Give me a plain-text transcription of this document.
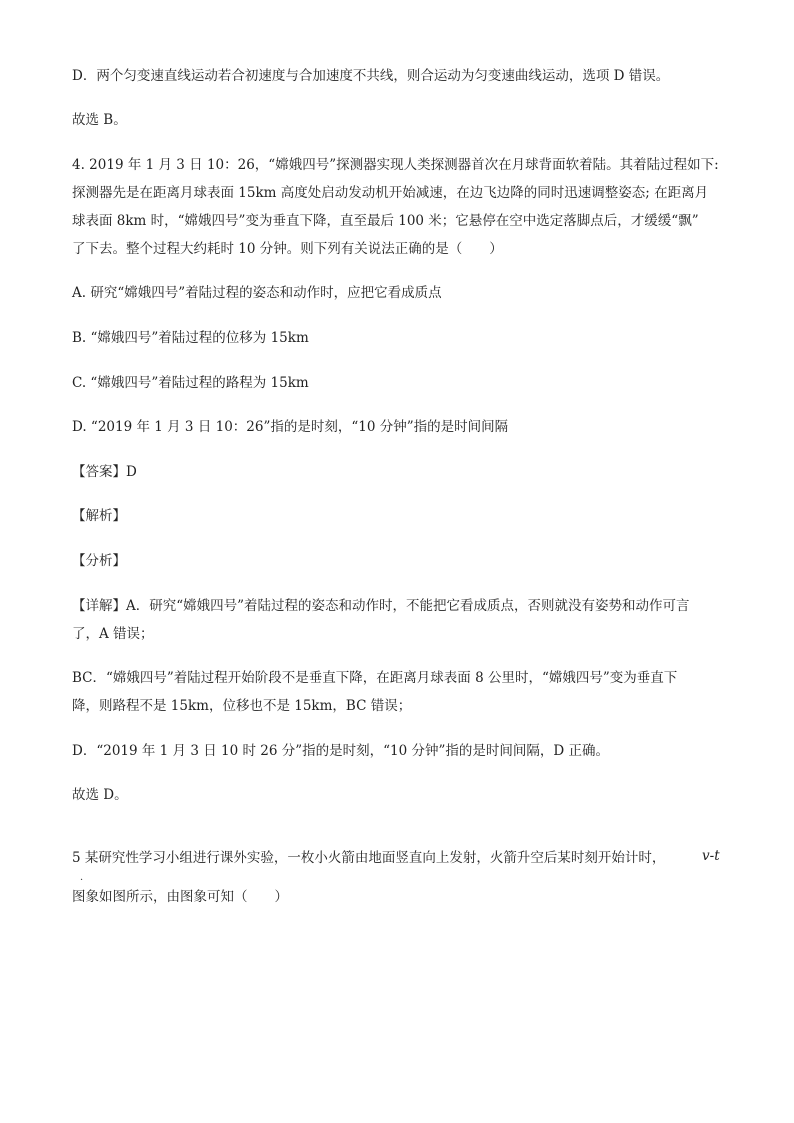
D．两个匀变速直线运动若合初速度与合加速度不共线，则合运动为匀变速曲线运动，选项 D 错误。
故选 B。
4. 2019 年 1 月 3 日 10：26，“嫦娥四号”探测器实现人类探测器首次在月球背面软着陆。其着陆过程如下:
探测器先是在距离月球表面 15km 高度处启动发动机开始减速，在边飞边降的同时迅速调整姿态; 在距离月
球表面 8km 时，“嫦娥四号”变为垂直下降，直至最后 100 米；它悬停在空中选定落脚点后，才缓缓“飘”
了下去。整个过程大约耗时 10 分钟。则下列有关说法正确的是（　　）
A. 研究“嫦娥四号”着陆过程的姿态和动作时，应把它看成质点
B. “嫦娥四号”着陆过程的位移为 15km
C. “嫦娥四号”着陆过程的路程为 15km
D. “2019 年 1 月 3 日 10：26”指的是时刻，“10 分钟”指的是时间间隔
【答案】D
【解析】
【分析】
【详解】A．研究“嫦娥四号”着陆过程的姿态和动作时，不能把它看成质点，否则就没有姿势和动作可言
了，A 错误；
BC．“嫦娥四号”着陆过程开始阶段不是垂直下降，在距离月球表面 8 公里时，“嫦娥四号”变为垂直下
降，则路程不是 15km，位移也不是 15km，BC 错误；
D．“2019 年 1 月 3 日 10 时 26 分”指的是时刻，“10 分钟”指的是时间间隔，D 正确。
故选 D。
5 某研究性学习小组进行课外实验，一枚小火箭由地面竖直向上发射，火箭升空后某时刻开始计时，	v-t
．
图象如图所示，由图象可知（　　）
